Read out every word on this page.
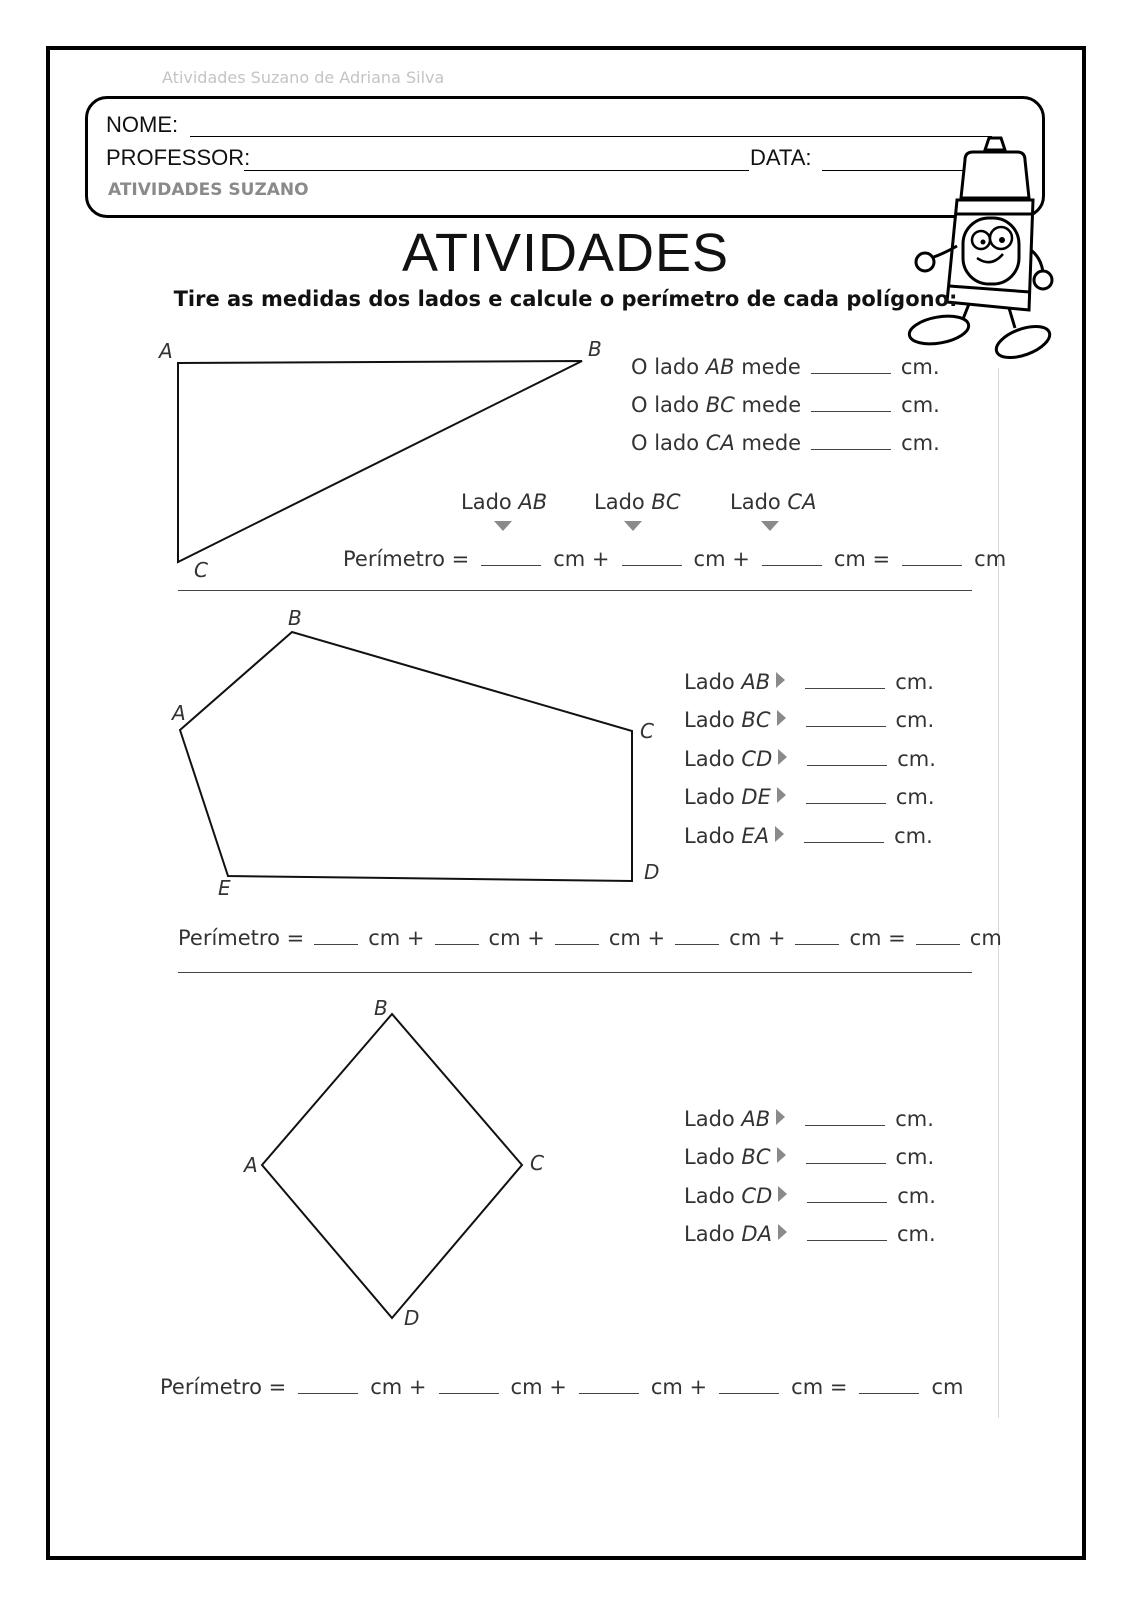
Atividades Suzano de Adriana Silva
NOME:
PROFESSOR:	DATA:
ATIVIDADES SUZANO
ATIVIDADES
Tire as medidas dos lados e calcule o perímetro de cada polígono:
A	B
C
O lado AB mede	cm.
O lado BC mede	cm.
O lado CA mede	cm.
Lado AB Lado BC Lado CA
Perímetro =	cm +	cm +	cm =	cm
A
B
C
D
E
Lado AB	cm.
Lado BC	cm.
Lado CD	cm.
Lado DE	cm.
Lado EA	cm.
Perímetro =	cm +	cm +	cm +	cm +	cm =	cm
A
B
C
D
Lado AB	cm.
Lado BC	cm.
Lado CD	cm.
Lado DA	cm.
Perímetro =	cm +	cm +	cm +	cm =	cm
